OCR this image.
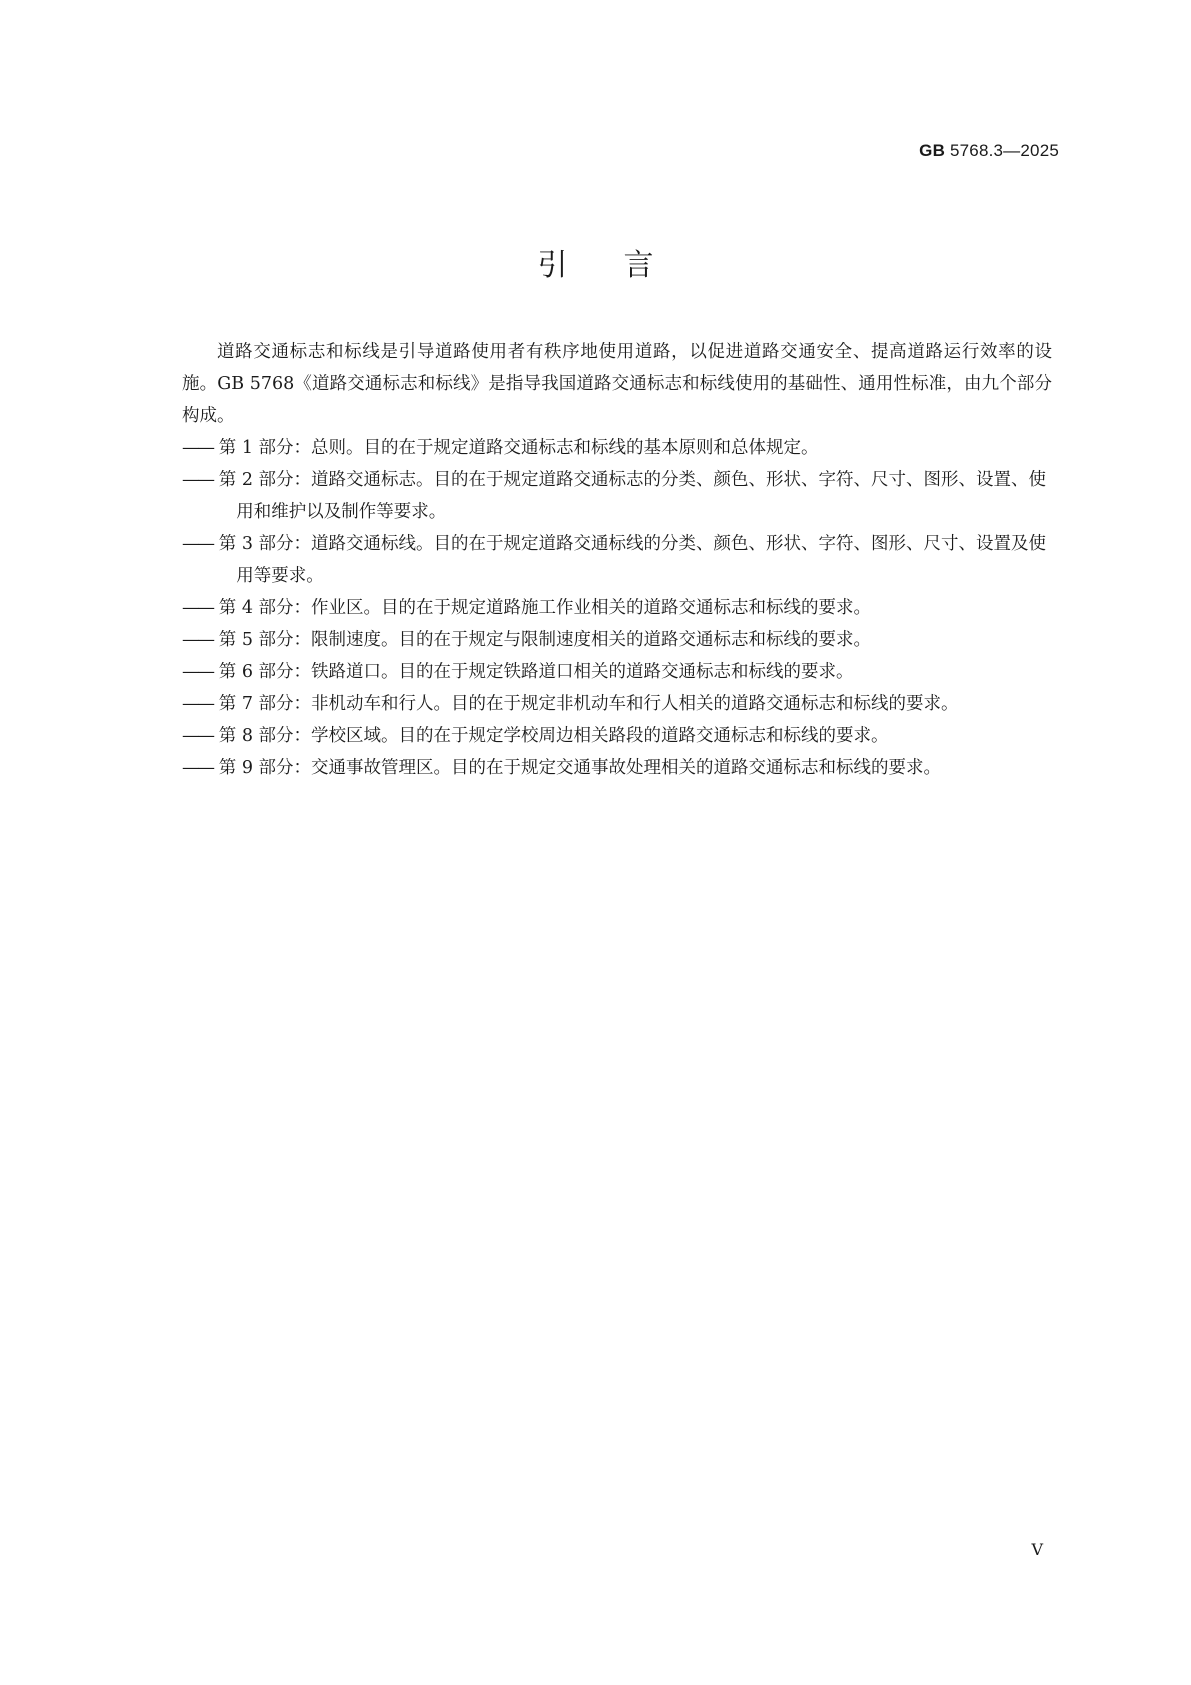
GB 5768.3—2025
引言

道路交通标志和标线是引导道路使用者有秩序地使用道路，以促进道路交通安全、提高道路运行效率的设施。GB 5768《道路交通标志和标线》是指导我国道路交通标志和标线使用的基础性、通用性标准，由九个部分构成。

—— 第 1 部分：总则。目的在于规定道路交通标志和标线的基本原则和总体规定。
—— 第 2 部分：道路交通标志。目的在于规定道路交通标志的分类、颜色、形状、字符、尺寸、图形、设置、使用和维护以及制作等要求。
—— 第 3 部分：道路交通标线。目的在于规定道路交通标线的分类、颜色、形状、字符、图形、尺寸、设置及使用等要求。
—— 第 4 部分：作业区。目的在于规定道路施工作业相关的道路交通标志和标线的要求。
—— 第 5 部分：限制速度。目的在于规定与限制速度相关的道路交通标志和标线的要求。
—— 第 6 部分：铁路道口。目的在于规定铁路道口相关的道路交通标志和标线的要求。
—— 第 7 部分：非机动车和行人。目的在于规定非机动车和行人相关的道路交通标志和标线的要求。
—— 第 8 部分：学校区域。目的在于规定学校周边相关路段的道路交通标志和标线的要求。
—— 第 9 部分：交通事故管理区。目的在于规定交通事故处理相关的道路交通标志和标线的要求。
V
